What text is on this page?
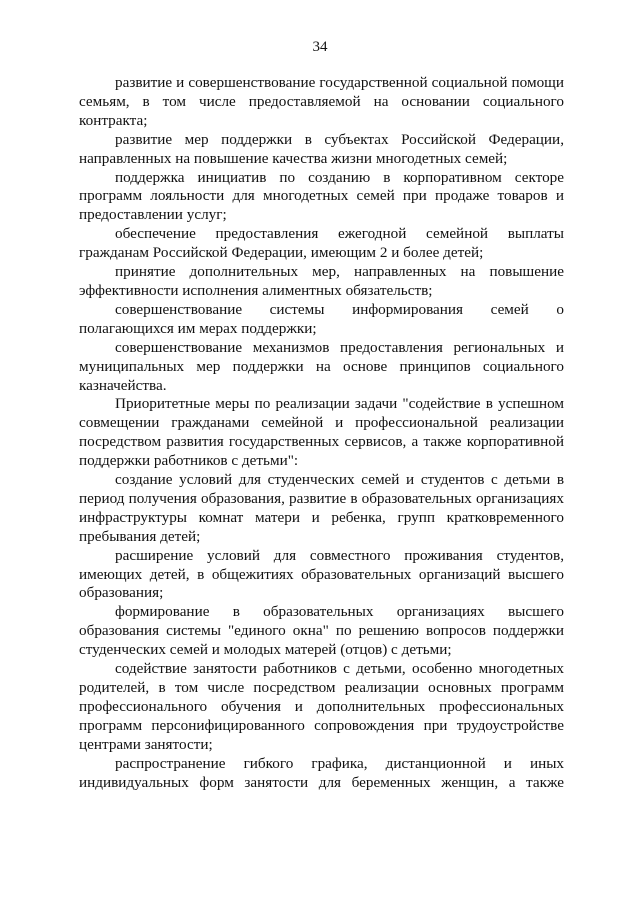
34

развитие и совершенствование государственной социальной помощи семьям, в том числе предоставляемой на основании социального контракта;

развитие мер поддержки в субъектах Российской Федерации, направленных на повышение качества жизни многодетных семей;

поддержка инициатив по созданию в корпоративном секторе программ лояльности для многодетных семей при продаже товаров и предоставлении услуг;

обеспечение предоставления ежегодной семейной выплаты гражданам Российской Федерации, имеющим 2 и более детей;

принятие дополнительных мер, направленных на повышение эффективности исполнения алиментных обязательств;

совершенствование системы информирования семей о полагающихся им мерах поддержки;

совершенствование механизмов предоставления региональных и муниципальных мер поддержки на основе принципов социального казначейства.

Приоритетные меры по реализации задачи "содействие в успешном совмещении гражданами семейной и профессиональной реализации посредством развития государственных сервисов, а также корпоративной поддержки работников с детьми":

создание условий для студенческих семей и студентов с детьми в период получения образования, развитие в образовательных организациях инфраструктуры комнат матери и ребенка, групп кратковременного пребывания детей;

расширение условий для совместного проживания студентов, имеющих детей, в общежитиях образовательных организаций высшего образования;

формирование в образовательных организациях высшего образования системы "единого окна" по решению вопросов поддержки студенческих семей и молодых матерей (отцов) с детьми;

содействие занятости работников с детьми, особенно многодетных родителей, в том числе посредством реализации основных программ профессионального обучения и дополнительных профессиональных программ персонифицированного сопровождения при трудоустройстве центрами занятости;

распространение гибкого графика, дистанционной и иных индивидуальных форм занятости для беременных женщин, а также
